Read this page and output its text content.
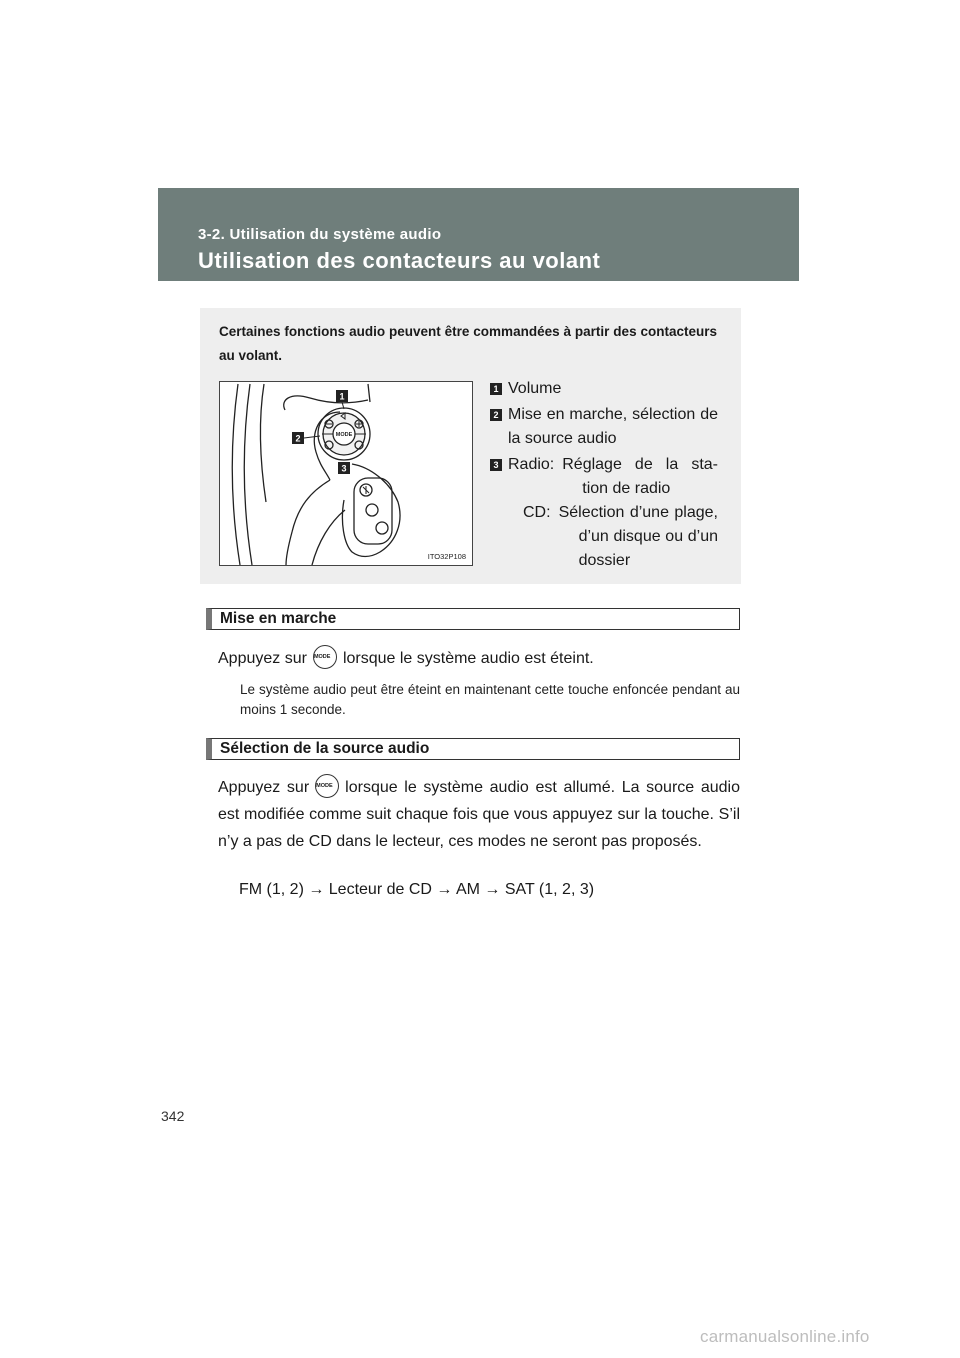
3-2. Utilisation du système audio
Utilisation des contacteurs au volant
Certaines fonctions audio peuvent être commandées à partir des contacteurs au volant.
MODE
1
2
3
ITO32P108
1 Volume
2 Mise en marche, sélection de la source audio
3 Radio: Réglage de la sta-
tion de radio
CD: Sélection d’une plage,
d’un disque ou d’un
dossier
Mise en marche
Appuyez sur MODE lorsque le système audio est éteint.
Le système audio peut être éteint en maintenant cette touche enfoncée pendant au moins 1 seconde.
Sélection de la source audio
Appuyez sur MODE lorsque le système audio est allumé. La source audio est modifiée comme suit chaque fois que vous appuyez sur la touche. S’il n’y a pas de CD dans le lecteur, ces modes ne seront pas proposés.
FM (1, 2) → Lecteur de CD → AM → SAT (1, 2, 3)
342
carmanualsonline.info
